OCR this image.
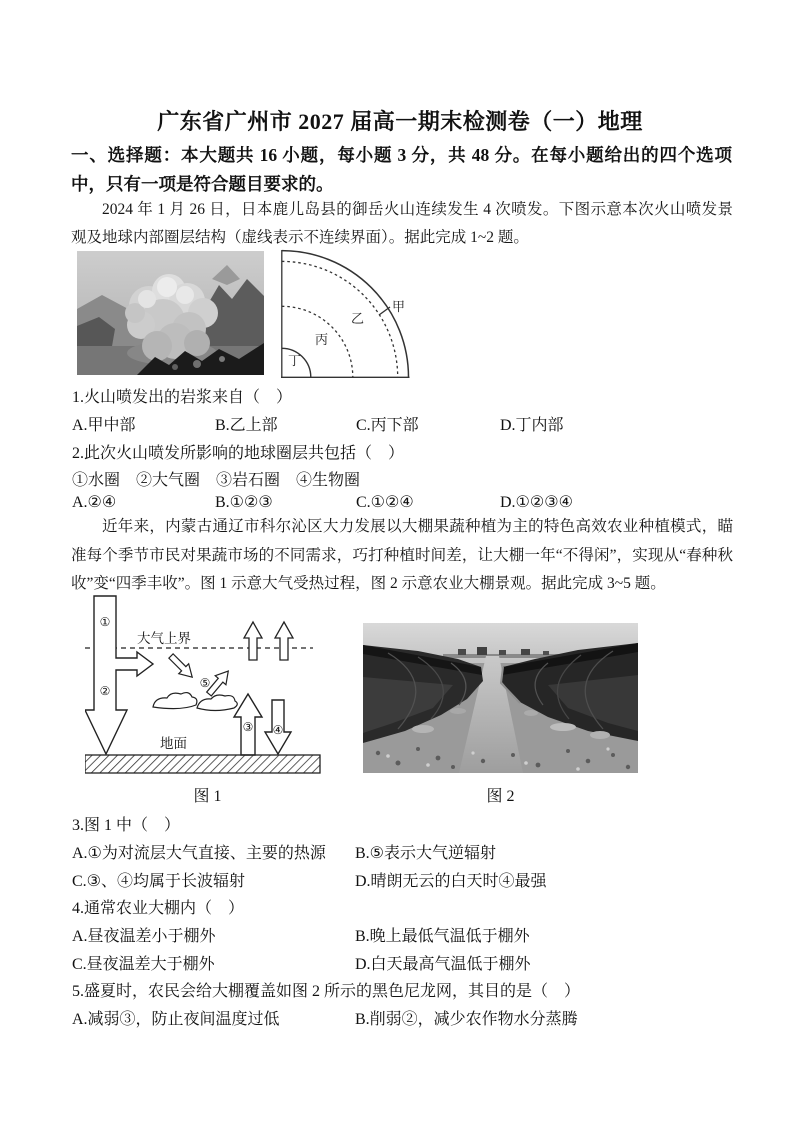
广东省广州市 2027 届高一期末检测卷（一）地理
一、选择题：本大题共 16 小题，每小题 3 分，共 48 分。在每小题给出的四个选项中，只有一项是符合题目要求的。
2024 年 1 月 26 日，日本鹿儿岛县的御岳火山连续发生 4 次喷发。下图示意本次火山喷发景观及地球内部圈层结构（虚线表示不连续界面）。据此完成 1~2 题。
甲
乙
丙
丁
1.火山喷发出的岩浆来自（　）
A.甲中部	B.乙上部	C.丙下部	D.丁内部
2.此次火山喷发所影响的地球圈层共包括（　）
①水圈　②大气圈　③岩石圈　④生物圈
A.②④	B.①②③	C.①②④	D.①②③④
近年来，内蒙古通辽市科尔沁区大力发展以大棚果蔬种植为主的特色高效农业种植模式，瞄准每个季节市民对果蔬市场的不同需求，巧打种植时间差，让大棚一年“不得闲”，实现从“春种秋收”变“四季丰收”。图 1 示意大气受热过程，图 2 示意农业大棚景观。据此完成 3~5 题。
大气上界
①
②
⑤
③ ④
地面
图 1	图 2
3.图 1 中（　）
A.①为对流层大气直接、主要的热源 B.⑤表示大气逆辐射
C.③、④均属于长波辐射	D.晴朗无云的白天时④最强
4.通常农业大棚内（　）
A.昼夜温差小于棚外	B.晚上最低气温低于棚外
C.昼夜温差大于棚外	D.白天最高气温低于棚外
5.盛夏时，农民会给大棚覆盖如图 2 所示的黑色尼龙网，其目的是（　）
A.减弱③，防止夜间温度过低	B.削弱②，减少农作物水分蒸腾
